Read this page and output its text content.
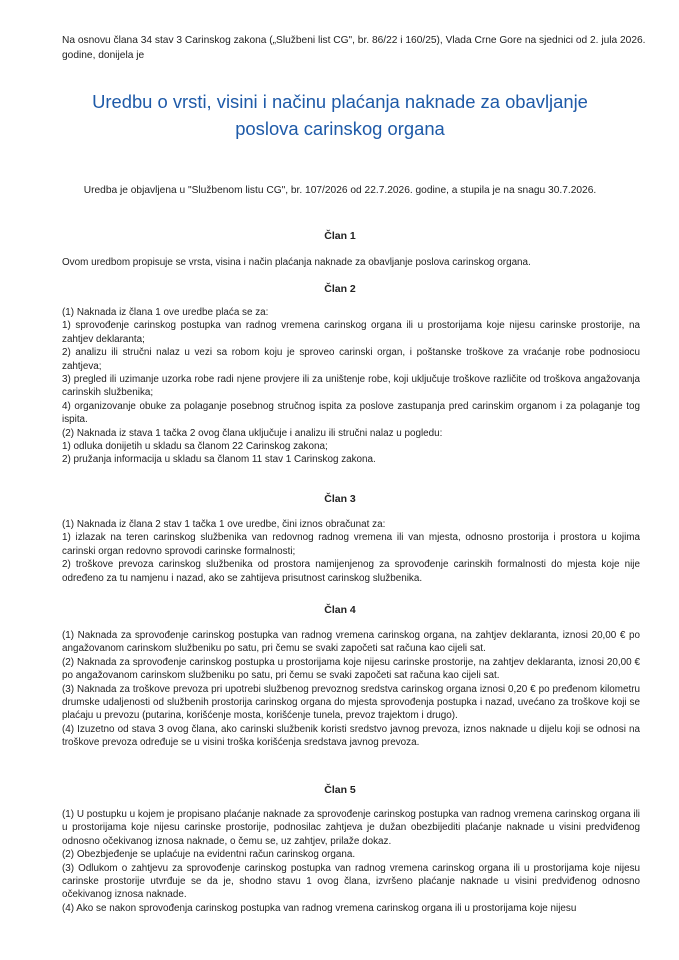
Na osnovu člana 34 stav 3 Carinskog zakona („Službeni list CG", br. 86/22 i 160/25), Vlada Crne Gore na sjednici od 2. jula 2026. godine, donijela je
Uredbu o vrsti, visini i načinu plaćanja naknade za obavljanje
poslova carinskog organa
Uredba je objavljena u "Službenom listu CG", br. 107/2026 od 22.7.2026. godine, a stupila je na snagu 30.7.2026.
Član 1

Ovom uredbom propisuje se vrsta, visina i način plaćanja naknade za obavljanje poslova carinskog organa.

Član 2

(1) Naknada iz člana 1 ove uredbe plaća se za:

1) sprovođenje carinskog postupka van radnog vremena carinskog organa ili u prostorijama koje nijesu carinske prostorije, na zahtjev deklaranta;

2) analizu ili stručni nalaz u vezi sa robom koju je sproveo carinski organ, i poštanske troškove za vraćanje robe podnosiocu zahtjeva;

3) pregled ili uzimanje uzorka robe radi njene provjere ili za uništenje robe, koji uključuje troškove različite od troškova angažovanja carinskih službenika;

4) organizovanje obuke za polaganje posebnog stručnog ispita za poslove zastupanja pred carinskim organom i za polaganje tog ispita.

(2) Naknada iz stava 1 tačka 2 ovog člana uključuje i analizu ili stručni nalaz u pogledu:

1) odluka donijetih u skladu sa članom 22 Carinskog zakona;

2) pružanja informacija u skladu sa članom 11 stav 1 Carinskog zakona.

Član 3

(1) Naknada iz člana 2 stav 1 tačka 1 ove uredbe, čini iznos obračunat za:

1) izlazak na teren carinskog službenika van redovnog radnog vremena ili van mjesta, odnosno prostorija i prostora u kojima carinski organ redovno sprovodi carinske formalnosti;

2) troškove prevoza carinskog službenika od prostora namijenjenog za sprovođenje carinskih formalnosti do mjesta koje nije određeno za tu namjenu i nazad, ako se zahtijeva prisutnost carinskog službenika.

Član 4

(1) Naknada za sprovođenje carinskog postupka van radnog vremena carinskog organa, na zahtjev deklaranta, iznosi 20,00 € po angažovanom carinskom službeniku po satu, pri čemu se svaki započeti sat računa kao cijeli sat.

(2) Naknada za sprovođenje carinskog postupka u prostorijama koje nijesu carinske prostorije, na zahtjev deklaranta, iznosi 20,00 € po angažovanom carinskom službeniku po satu, pri čemu se svaki započeti sat računa kao cijeli sat.

(3) Naknada za troškove prevoza pri upotrebi službenog prevoznog sredstva carinskog organa iznosi 0,20 € po pređenom kilometru drumske udaljenosti od službenih prostorija carinskog organa do mjesta sprovođenja postupka i nazad, uvećano za troškove koji se plaćaju u prevozu (putarina, korišćenje mosta, korišćenje tunela, prevoz trajektom i drugo).

(4) Izuzetno od stava 3 ovog člana, ako carinski službenik koristi sredstvo javnog prevoza, iznos naknade u dijelu koji se odnosi na troškove prevoza određuje se u visini troška korišćenja sredstava javnog prevoza.

Član 5

(1) U postupku u kojem je propisano plaćanje naknade za sprovođenje carinskog postupka van radnog vremena carinskog organa ili u prostorijama koje nijesu carinske prostorije, podnosilac zahtjeva je dužan obezbijediti plaćanje naknade u visini predviđenog odnosno očekivanog iznosa naknade, o čemu se, uz zahtjev, prilaže dokaz.

(2) Obezbjeđenje se uplaćuje na evidentni račun carinskog organa.

(3) Odlukom o zahtjevu za sprovođenje carinskog postupka van radnog vremena carinskog organa ili u prostorijama koje nijesu carinske prostorije utvrđuje se da je, shodno stavu 1 ovog člana, izvršeno plaćanje naknade u visini predviđenog odnosno očekivanog iznosa naknade.

(4) Ako se nakon sprovođenja carinskog postupka van radnog vremena carinskog organa ili u prostorijama koje nijesu
